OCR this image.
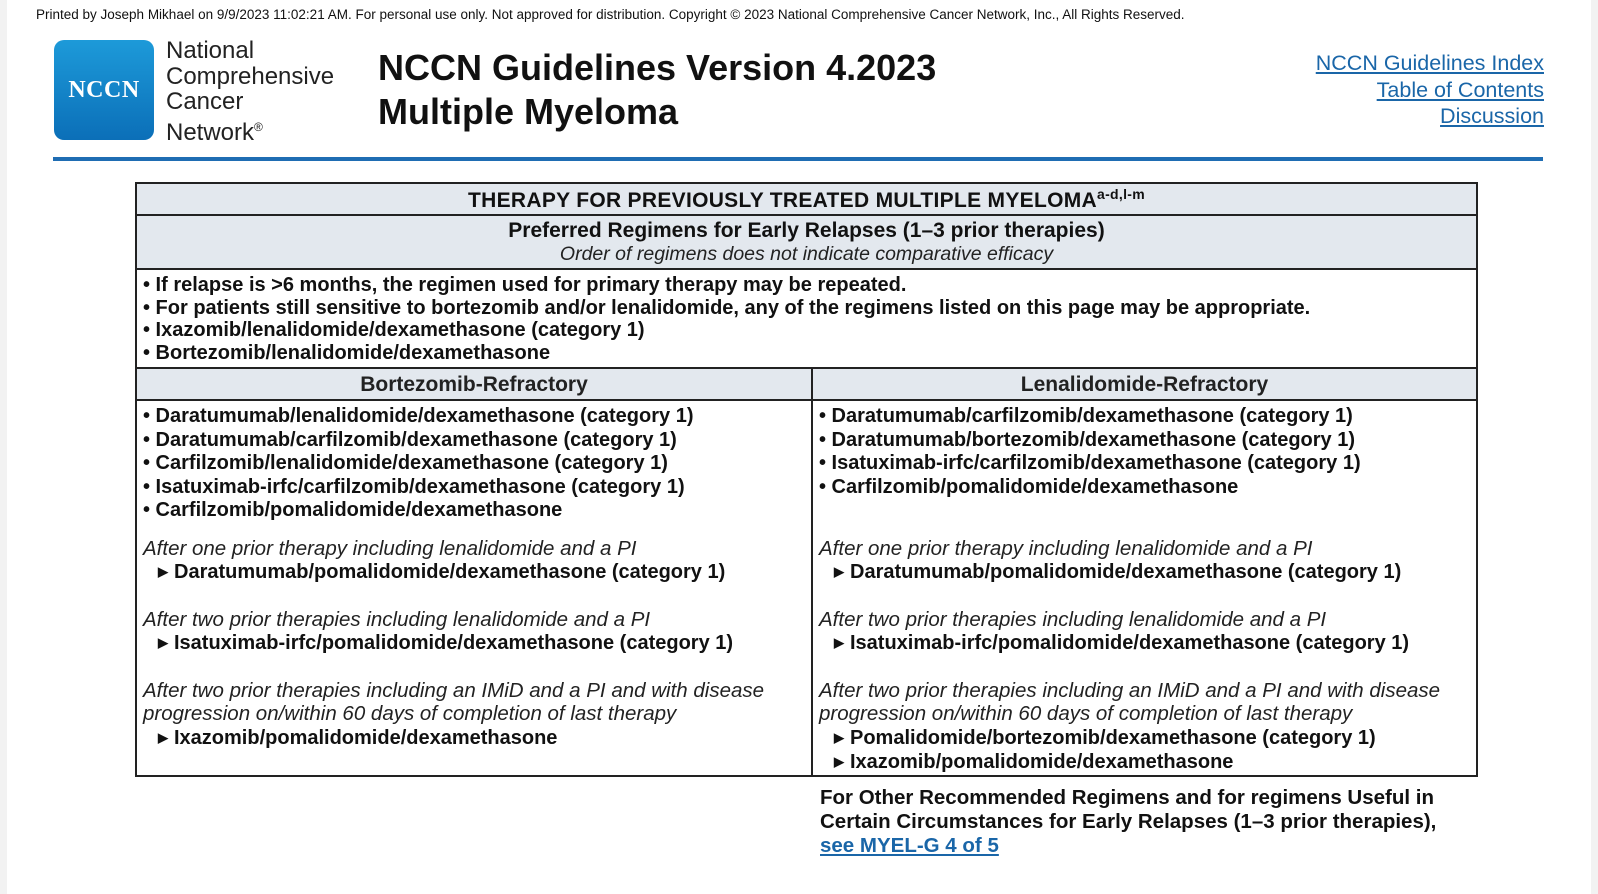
Printed by Joseph Mikhael on 9/9/2023 11:02:21 AM. For personal use only. Not approved for distribution. Copyright © 2023 National Comprehensive Cancer Network, Inc., All Rights Reserved.
NCCN
National
Comprehensive
Cancer
Network®
NCCN Guidelines Version 4.2023
Multiple Myeloma
NCCN Guidelines Index
Table of Contents
Discussion
THERAPY FOR PREVIOUSLY TREATED MULTIPLE MYELOMA$^{a-d,l-m}$
Preferred Regimens for Early Relapses (1–3 prior therapies)
Order of regimens does not indicate comparative efficacy
• If relapse is >6 months, the regimen used for primary therapy may be repeated.
• For patients still sensitive to bortezomib and/or lenalidomide, any of the regimens listed on this page may be appropriate.
• Ixazomib/lenalidomide/dexamethasone (category 1)
• Bortezomib/lenalidomide/dexamethasone
Bortezomib-Refractory
• Daratumumab/lenalidomide/dexamethasone (category 1)
• Daratumumab/carfilzomib/dexamethasone (category 1)
• Carfilzomib/lenalidomide/dexamethasone (category 1)
• Isatuximab-irfc/carfilzomib/dexamethasone (category 1)
• Carfilzomib/pomalidomide/dexamethasone
After one prior therapy including lenalidomide and a PI
▶ Daratumumab/pomalidomide/dexamethasone (category 1)
After two prior therapies including lenalidomide and a PI
▶ Isatuximab-irfc/pomalidomide/dexamethasone (category 1)
After two prior therapies including an IMiD and a PI and with disease
progression on/within 60 days of completion of last therapy
▶ Ixazomib/pomalidomide/dexamethasone
Lenalidomide-Refractory
• Daratumumab/carfilzomib/dexamethasone (category 1)
• Daratumumab/bortezomib/dexamethasone (category 1)
• Isatuximab-irfc/carfilzomib/dexamethasone (category 1)
• Carfilzomib/pomalidomide/dexamethasone
After one prior therapy including lenalidomide and a PI
▶ Daratumumab/pomalidomide/dexamethasone (category 1)
After two prior therapies including lenalidomide and a PI
▶ Isatuximab-irfc/pomalidomide/dexamethasone (category 1)
After two prior therapies including an IMiD and a PI and with disease
progression on/within 60 days of completion of last therapy
▶ Pomalidomide/bortezomib/dexamethasone (category 1)
▶ Ixazomib/pomalidomide/dexamethasone
For Other Recommended Regimens and for regimens Useful in
Certain Circumstances for Early Relapses (1–3 prior therapies),
see MYEL-G 4 of 5
